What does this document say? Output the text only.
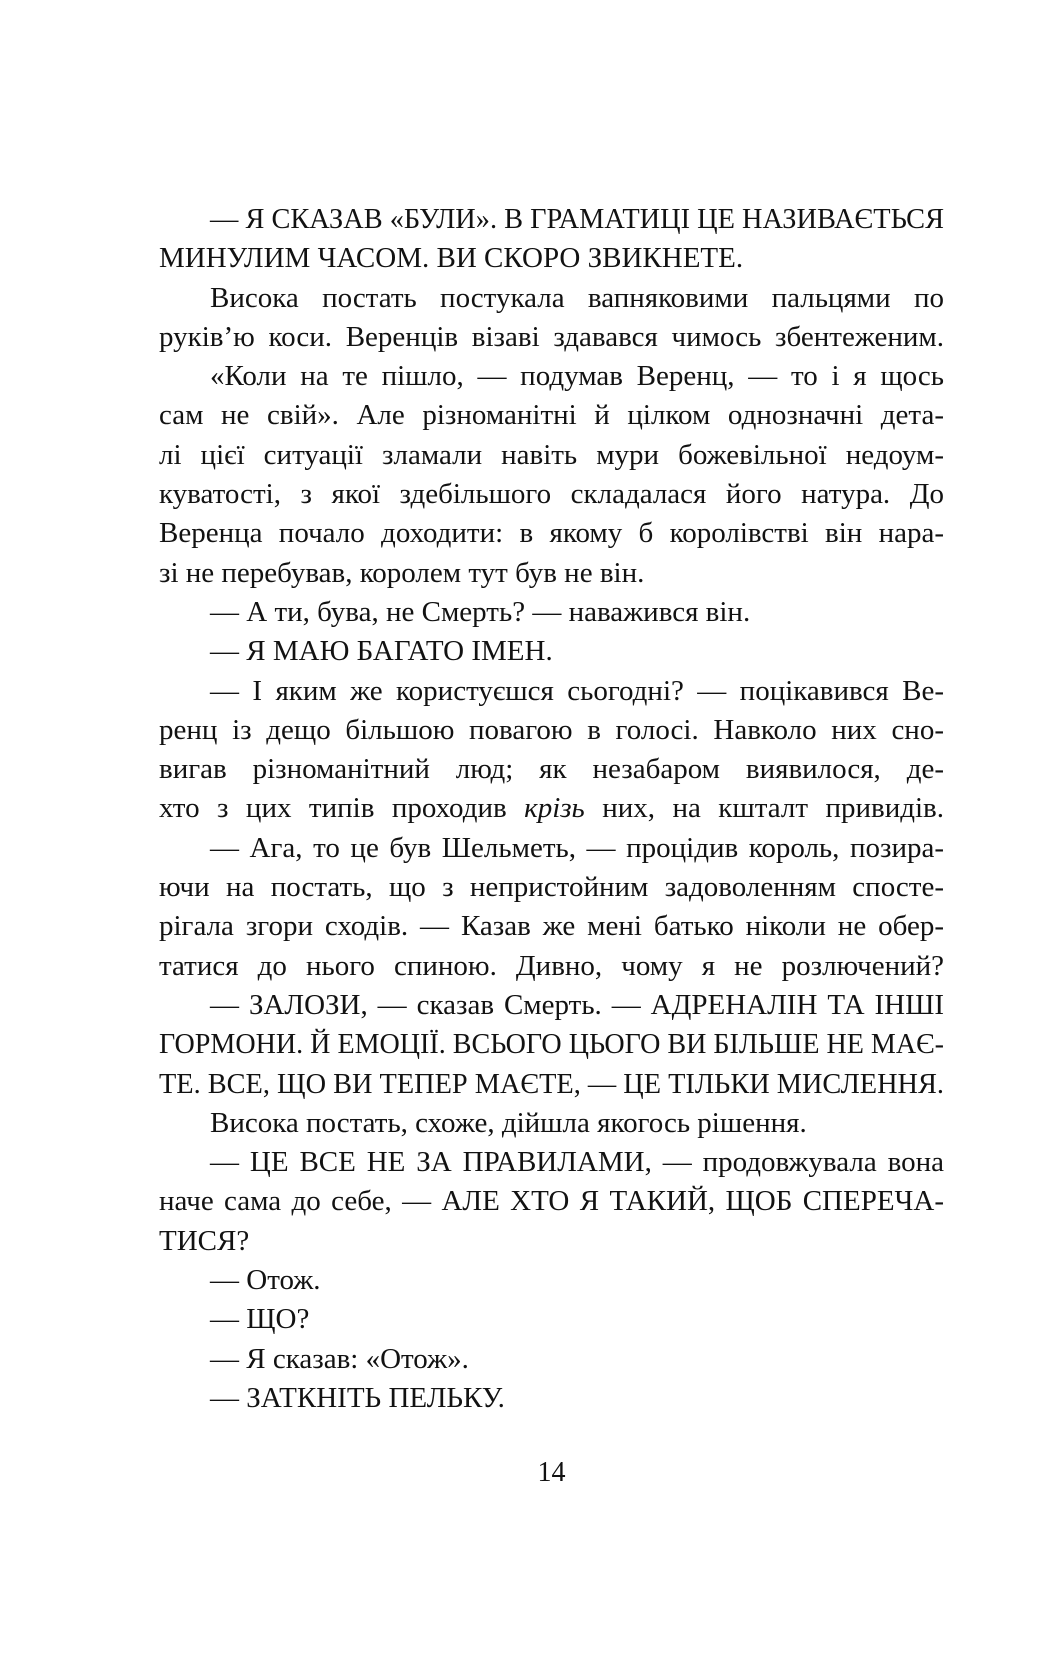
— Я СКАЗАВ «БУЛИ». В ГРАМАТИЦІ ЦЕ НАЗИВАЄТЬСЯ
МИНУЛИМ ЧАСОМ. ВИ СКОРО ЗВИКНЕТЕ.
Висока постать постукала вапняковими пальцями по
руків’ю коси. Веренців візаві здавався чимось збентеженим.
«Коли на те пішло, — подумав Веренц, — то і я щось
сам не свій». Але різноманітні й цілком однозначні дета-
лі цієї ситуації зламали навіть мури божевільної недоум-
куватості, з якої здебільшого складалася його натура. До
Веренца почало доходити: в якому б королівстві він нара-
зі не перебував, королем тут був не він.
— А ти, бува, не Смерть? — наважився він.
— Я МАЮ БАГАТО ІМЕН.
— І яким же користуєшся сьогодні? — поцікавився Ве-
ренц із дещо більшою повагою в голосі. Навколо них сно-
вигав різноманітний люд; як незабаром виявилося, де-
хто з цих типів проходив крізь них, на кшталт привидів.
— Ага, то це був Шельметь, — процідив король, позира-
ючи на постать, що з непристойним задоволенням спосте-
рігала згори сходів. — Казав же мені батько ніколи не обер-
татися до нього спиною. Дивно, чому я не розлючений?
— ЗАЛОЗИ, — сказав Смерть. — АДРЕНАЛІН ТА ІНШІ
ГОРМОНИ. Й ЕМОЦІЇ. ВСЬОГО ЦЬОГО ВИ БІЛЬШЕ НЕ МАЄ-
ТЕ. ВСЕ, ЩО ВИ ТЕПЕР МАЄТЕ, — ЦЕ ТІЛЬКИ МИСЛЕННЯ.
Висока постать, схоже, дійшла якогось рішення.
— ЦЕ ВСЕ НЕ ЗА ПРАВИЛАМИ, — продовжувала вона
наче сама до себе, — АЛЕ ХТО Я ТАКИЙ, ЩОБ СПЕРЕЧА-
ТИСЯ?
— Отож.
— ЩО?
— Я сказав: «Отож».
— ЗАТКНІТЬ ПЕЛЬКУ.
14
